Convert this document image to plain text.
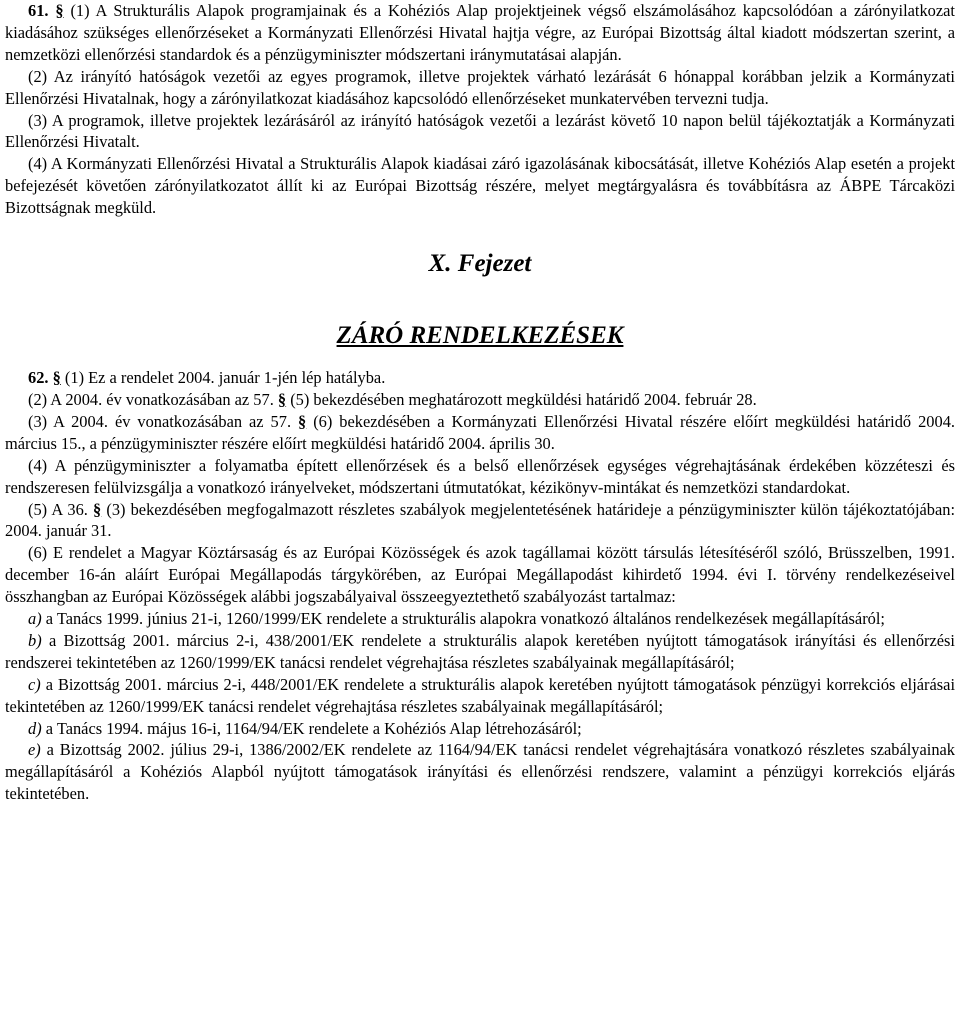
61. § (1) A Strukturális Alapok programjainak és a Kohéziós Alap projektjeinek végső elszámolásához kapcsolódóan a zárónyilatkozat kiadásához szükséges ellenőrzéseket a Kormányzati Ellenőrzési Hivatal hajtja végre, az Európai Bizottság által kiadott módszertan szerint, a nemzetközi ellenőrzési standardok és a pénzügyminiszter módszertani iránymutatásai alapján.

(2) Az irányító hatóságok vezetői az egyes programok, illetve projektek várható lezárását 6 hónappal korábban jelzik a Kormányzati Ellenőrzési Hivatalnak, hogy a zárónyilatkozat kiadásához kapcsolódó ellenőrzéseket munkatervében tervezni tudja.

(3) A programok, illetve projektek lezárásáról az irányító hatóságok vezetői a lezárást követő 10 napon belül tájékoztatják a Kormányzati Ellenőrzési Hivatalt.

(4) A Kormányzati Ellenőrzési Hivatal a Strukturális Alapok kiadásai záró igazolásának kibocsátását, illetve Kohéziós Alap esetén a projekt befejezését követően zárónyilatkozatot állít ki az Európai Bizottság részére, melyet megtárgyalásra és továbbításra az ÁBPE Tárcaközi Bizottságnak megküld.

X. Fejezet
ZÁRÓ RENDELKEZÉSEK

62. § (1) Ez a rendelet 2004. január 1-jén lép hatályba.

(2) A 2004. év vonatkozásában az 57. § (5) bekezdésében meghatározott megküldési határidő 2004. február 28.

(3) A 2004. év vonatkozásában az 57. § (6) bekezdésében a Kormányzati Ellenőrzési Hivatal részére előírt megküldési határidő 2004. március 15., a pénzügyminiszter részére előírt megküldési határidő 2004. április 30.

(4) A pénzügyminiszter a folyamatba épített ellenőrzések és a belső ellenőrzések egységes végrehajtásának érdekében közzéteszi és rendszeresen felülvizsgálja a vonatkozó irányelveket, módszertani útmutatókat, kézikönyv-mintákat és nemzetközi standardokat.

(5) A 36. § (3) bekezdésében megfogalmazott részletes szabályok megjelentetésének határideje a pénzügyminiszter külön tájékoztatójában: 2004. január 31.

(6) E rendelet a Magyar Köztársaság és az Európai Közösségek és azok tagállamai között társulás létesítéséről szóló, Brüsszelben, 1991. december 16-án aláírt Európai Megállapodás tárgykörében, az Európai Megállapodást kihirdető 1994. évi I. törvény rendelkezéseivel összhangban az Európai Közösségek alábbi jogszabályaival összeegyeztethető szabályozást tartalmaz:

a) a Tanács 1999. június 21-i, 1260/1999/EK rendelete a strukturális alapokra vonatkozó általános rendelkezések megállapításáról;

b) a Bizottság 2001. március 2-i, 438/2001/EK rendelete a strukturális alapok keretében nyújtott támogatások irányítási és ellenőrzési rendszerei tekintetében az 1260/1999/EK tanácsi rendelet végrehajtása részletes szabályainak megállapításáról;

c) a Bizottság 2001. március 2-i, 448/2001/EK rendelete a strukturális alapok keretében nyújtott támogatások pénzügyi korrekciós eljárásai tekintetében az 1260/1999/EK tanácsi rendelet végrehajtása részletes szabályainak megállapításáról;

d) a Tanács 1994. május 16-i, 1164/94/EK rendelete a Kohéziós Alap létrehozásáról;

e) a Bizottság 2002. július 29-i, 1386/2002/EK rendelete az 1164/94/EK tanácsi rendelet végrehajtására vonatkozó részletes szabályainak megállapításáról a Kohéziós Alapból nyújtott támogatások irányítási és ellenőrzési rendszere, valamint a pénzügyi korrekciós eljárás tekintetében.
